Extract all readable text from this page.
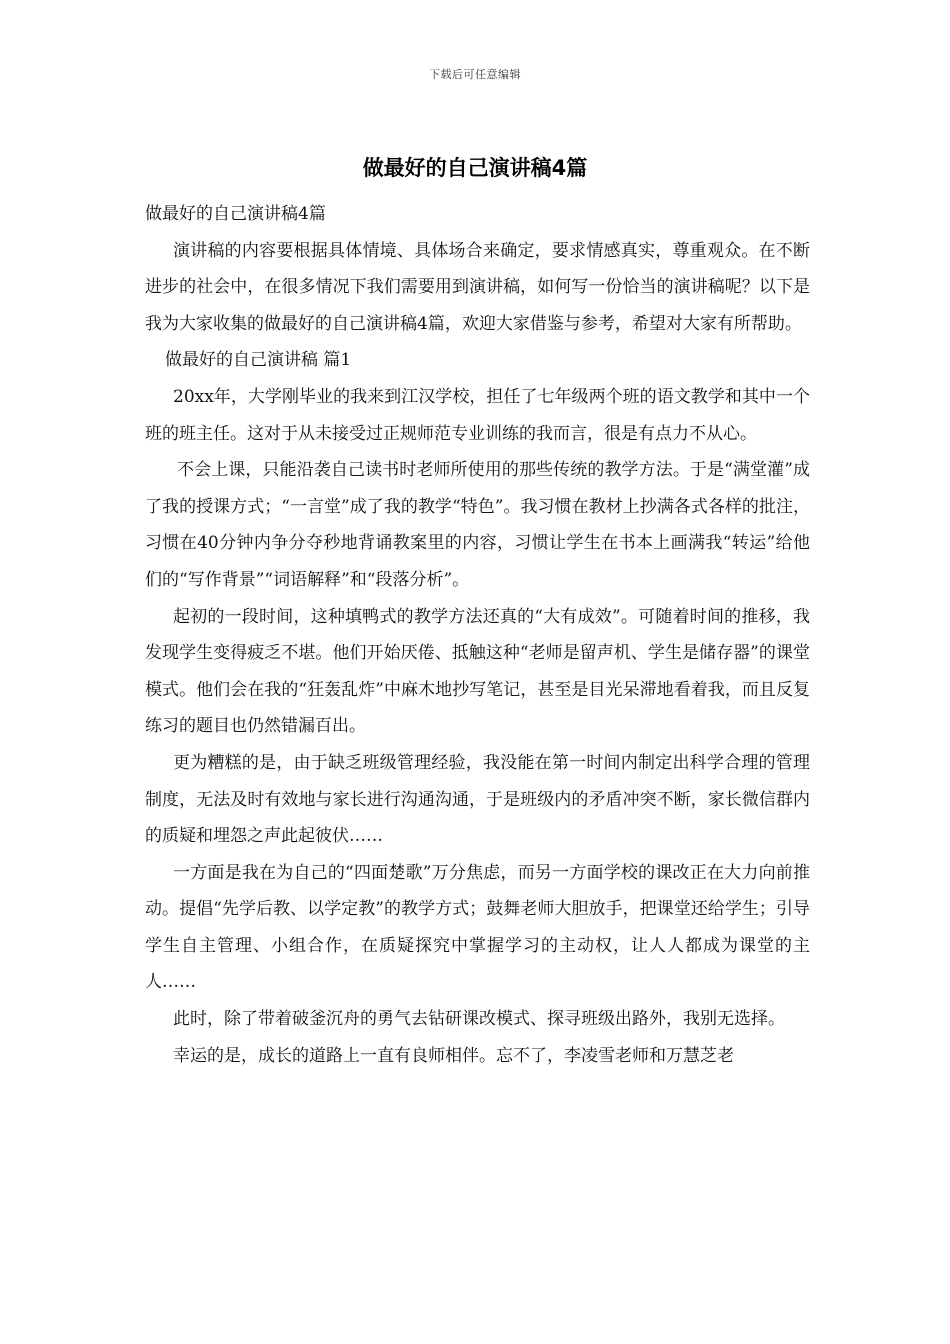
下载后可任意编辑
做最好的自己演讲稿4篇

做最好的自己演讲稿4篇

演讲稿的内容要根据具体情境、具体场合来确定，要求情感真实，尊重观众。在不断进步的社会中，在很多情况下我们需要用到演讲稿，如何写一份恰当的演讲稿呢？以下是我为大家收集的做最好的自己演讲稿4篇，欢迎大家借鉴与参考，希望对大家有所帮助。

做最好的自己演讲稿 篇1

20xx年，大学刚毕业的我来到江汉学校，担任了七年级两个班的语文教学和其中一个班的班主任。这对于从未接受过正规师范专业训练的我而言，很是有点力不从心。

不会上课，只能沿袭自己读书时老师所使用的那些传统的教学方法。于是“满堂灌”成了我的授课方式；“一言堂”成了我的教学“特色”。我习惯在教材上抄满各式各样的批注，习惯在40分钟内争分夺秒地背诵教案里的内容，习惯让学生在书本上画满我“转运”给他们的“写作背景”“词语解释”和“段落分析”。

起初的一段时间，这种填鸭式的教学方法还真的“大有成效”。可随着时间的推移，我发现学生变得疲乏不堪。他们开始厌倦、抵触这种“老师是留声机、学生是储存器”的课堂模式。他们会在我的“狂轰乱炸”中麻木地抄写笔记，甚至是目光呆滞地看着我，而且反复练习的题目也仍然错漏百出。

更为糟糕的是，由于缺乏班级管理经验，我没能在第一时间内制定出科学合理的管理制度，无法及时有效地与家长进行沟通沟通，于是班级内的矛盾冲突不断，家长微信群内的质疑和埋怨之声此起彼伏……

一方面是我在为自己的“四面楚歌”万分焦虑，而另一方面学校的课改正在大力向前推动。提倡“先学后教、以学定教”的教学方式；鼓舞老师大胆放手，把课堂还给学生；引导学生自主管理、小组合作，在质疑探究中掌握学习的主动权，让人人都成为课堂的主人……

此时，除了带着破釜沉舟的勇气去钻研课改模式、探寻班级出路外，我别无选择。

幸运的是，成长的道路上一直有良师相伴。忘不了，李凌雪老师和万慧芝老
